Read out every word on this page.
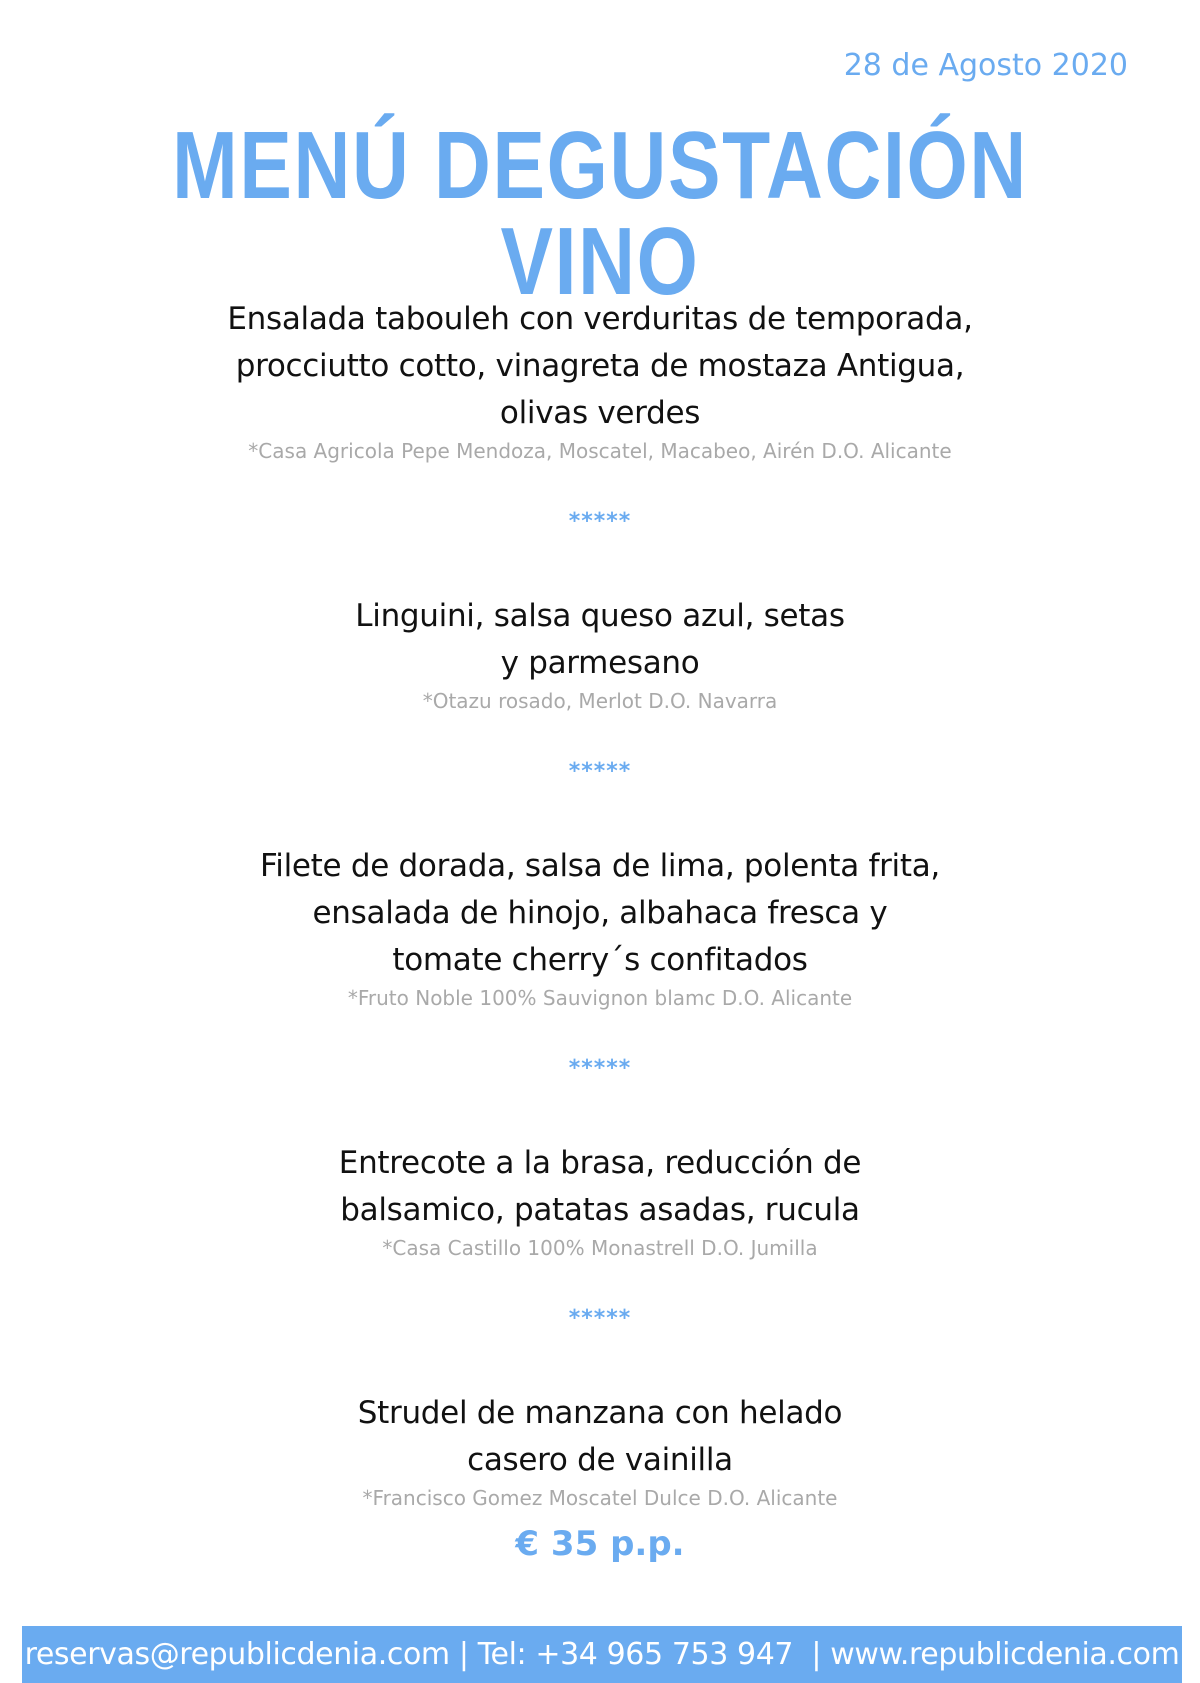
28 de Agosto 2020
MENÚ DEGUSTACIÓN VINO

Ensalada tabouleh con verduritas de temporada,

procciutto cotto, vinagreta de mostaza Antigua,

olivas verdes

*Casa Agricola Pepe Mendoza, Moscatel, Macabeo, Airén D.O. Alicante

*****

Linguini, salsa queso azul, setas

y parmesano

*Otazu rosado, Merlot D.O. Navarra

*****

Filete de dorada, salsa de lima, polenta frita,

ensalada de hinojo, albahaca fresca y

tomate cherry´s confitados

*Fruto Noble 100% Sauvignon blamc D.O. Alicante

*****

Entrecote a la brasa, reducción de

balsamico, patatas asadas, rucula

*Casa Castillo 100% Monastrell D.O. Jumilla

*****

Strudel de manzana con helado

casero de vainilla

*Francisco Gomez Moscatel Dulce D.O. Alicante

€ 35 p.p.
reservas@republicdenia.com | Tel: +34 965 753 947  | www.republicdenia.com
